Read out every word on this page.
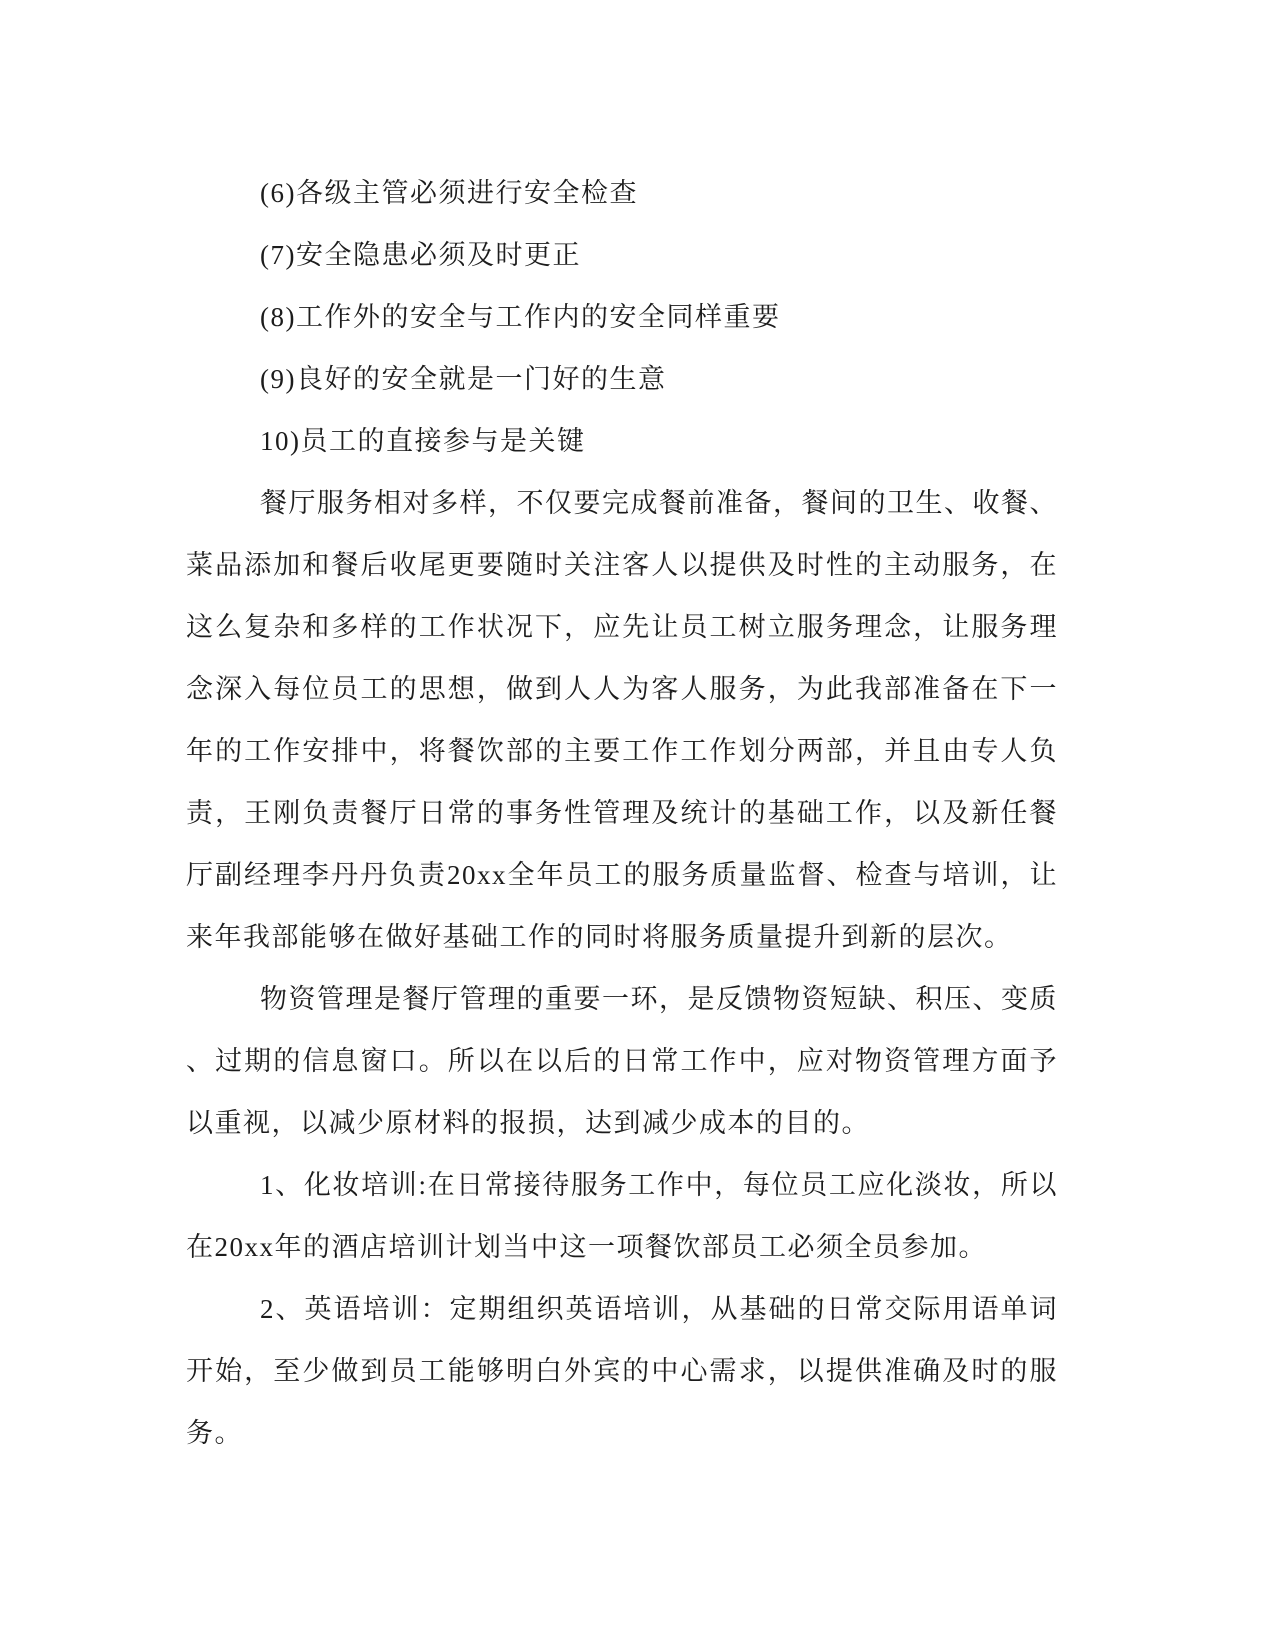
(6)各级主管必须进行安全检查
(7)安全隐患必须及时更正
(8)工作外的安全与工作内的安全同样重要
(9)良好的安全就是一门好的生意
10)员工的直接参与是关键
餐厅服务相对多样，不仅要完成餐前准备，餐间的卫生、收餐、
菜品添加和餐后收尾更要随时关注客人以提供及时性的主动服务，在
这么复杂和多样的工作状况下，应先让员工树立服务理念，让服务理
念深入每位员工的思想，做到人人为客人服务，为此我部准备在下一
年的工作安排中，将餐饮部的主要工作工作划分两部，并且由专人负
责，王刚负责餐厅日常的事务性管理及统计的基础工作，以及新任餐
厅副经理李丹丹负责20xx全年员工的服务质量监督、检查与培训，让
来年我部能够在做好基础工作的同时将服务质量提升到新的层次。
物资管理是餐厅管理的重要一环，是反馈物资短缺、积压、变质
、过期的信息窗口。所以在以后的日常工作中，应对物资管理方面予
以重视，以减少原材料的报损，达到减少成本的目的。
1、化妆培训:在日常接待服务工作中，每位员工应化淡妆，所以
在20xx年的酒店培训计划当中这一项餐饮部员工必须全员参加。
2、英语培训：定期组织英语培训，从基础的日常交际用语单词
开始，至少做到员工能够明白外宾的中心需求，以提供准确及时的服
务。
